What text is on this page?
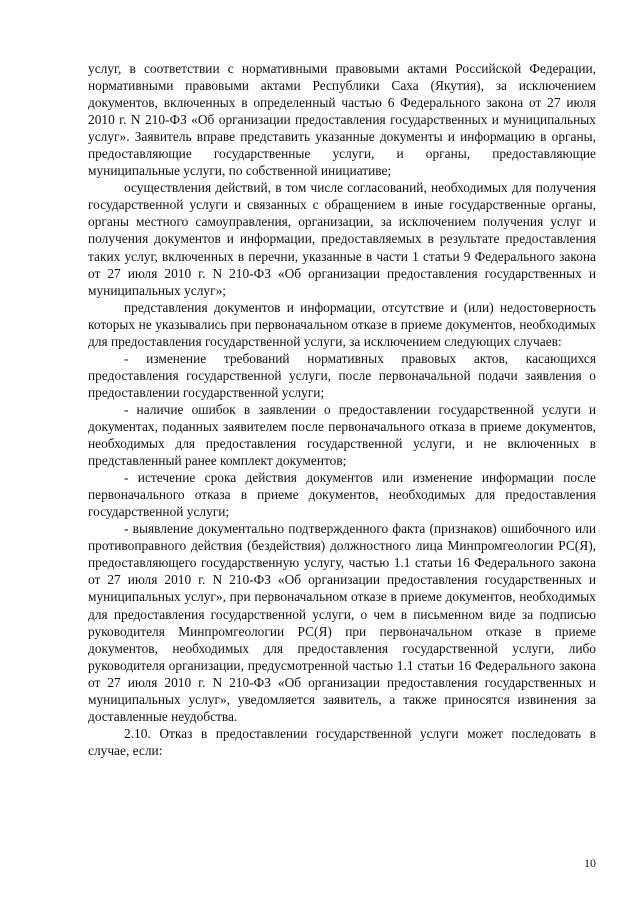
услуг, в соответствии с нормативными правовыми актами Российской Федерации, нормативными правовыми актами Республики Саха (Якутия), за исключением документов, включенных в определенный частью 6 Федерального закона от 27 июля 2010 г. N 210-ФЗ «Об организации предоставления государственных и муниципальных услуг». Заявитель вправе представить указанные документы и информацию в органы, предоставляющие государственные услуги, и органы, предоставляющие муниципальные услуги, по собственной инициативе;

осуществления действий, в том числе согласований, необходимых для получения государственной услуги и связанных с обращением в иные государственные органы, органы местного самоуправления, организации, за исключением получения услуг и получения документов и информации, предоставляемых в результате предоставления таких услуг, включенных в перечни, указанные в части 1 статьи 9 Федерального закона от 27 июля 2010 г. N 210-ФЗ «Об организации предоставления государственных и муниципальных услуг»;

представления документов и информации, отсутствие и (или) недостоверность которых не указывались при первоначальном отказе в приеме документов, необходимых для предоставления государственной услуги, за исключением следующих случаев:

- изменение требований нормативных правовых актов, касающихся предоставления государственной услуги, после первоначальной подачи заявления о предоставлении государственной услуги;

- наличие ошибок в заявлении о предоставлении государственной услуги и документах, поданных заявителем после первоначального отказа в приеме документов, необходимых для предоставления государственной услуги, и не включенных в представленный ранее комплект документов;

- истечение срока действия документов или изменение информации после первоначального отказа в приеме документов, необходимых для предоставления государственной услуги;

- выявление документально подтвержденного факта (признаков) ошибочного или противоправного действия (бездействия) должностного лица Минпромгеологии РС(Я), предоставляющего государственную услугу, частью 1.1 статьи 16 Федерального закона от 27 июля 2010 г. N 210-ФЗ «Об организации предоставления государственных и муниципальных услуг», при первоначальном отказе в приеме документов, необходимых для предоставления государственной услуги, о чем в письменном виде за подписью руководителя Минпромгеологии РС(Я) при первоначальном отказе в приеме документов, необходимых для предоставления государственной услуги, либо руководителя организации, предусмотренной частью 1.1 статьи 16 Федерального закона от 27 июля 2010 г. N 210-ФЗ «Об организации предоставления государственных и муниципальных услуг», уведомляется заявитель, а также приносятся извинения за доставленные неудобства.

2.10. Отказ в предоставлении государственной услуги может последовать в случае, если:

10
